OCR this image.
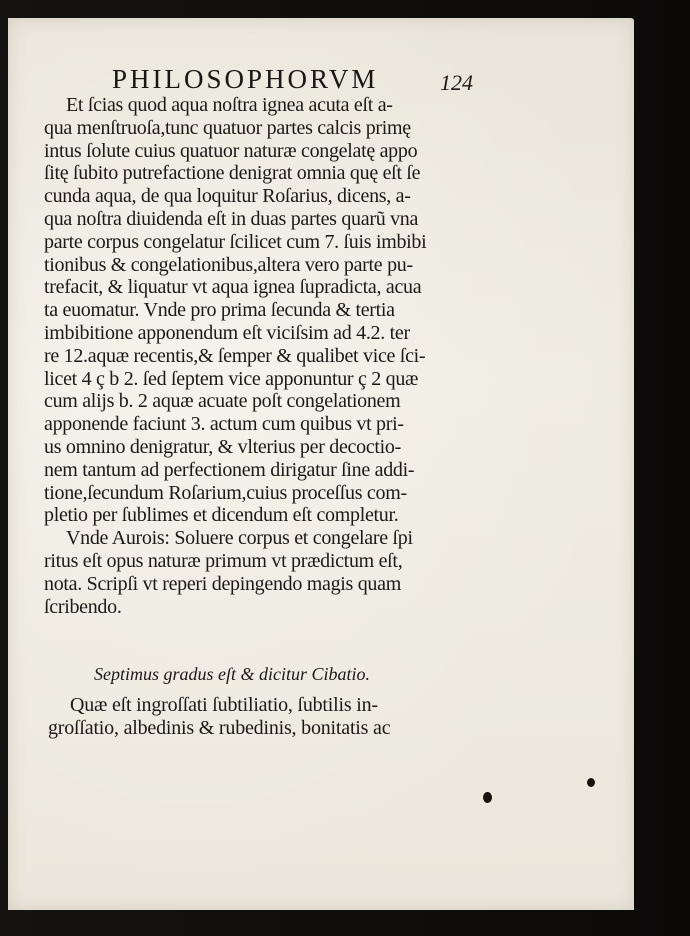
PHILOSOPHORVM	124
Et ſcias quod aqua noſtra ignea acuta eſt a-
qua menſtruoſa,tunc quatuor partes calcis primę
intus ſolute cuius quatuor naturæ congelatę appo
ſitę ſubito putrefactione denigrat omnia quę eſt ſe
cunda aqua, de qua loquitur Roſarius, dicens, a-
qua noſtra diuidenda eſt in duas partes quarũ vna
parte corpus congelatur ſcilicet cum 7. ſuis imbibi
tionibus & congelationibus,altera vero parte pu-
trefacit, & liquatur vt aqua ignea ſupradicta, acua
ta euomatur. Vnde pro prima ſecunda & tertia
imbibitione apponendum eſt viciſsim ad 4.2. ter
re 12.aquæ recentis,& ſemper & qualibet vice ſci-
licet 4 ç b 2. ſed ſeptem vice apponuntur ç 2 quæ
cum alijs b. 2 aquæ acuate poſt congelationem
apponende faciunt 3. actum cum quibus vt pri-
us omnino denigratur, & vlterius per decoctio-
nem tantum ad perfectionem dirigatur ſine addi-
tione,ſecundum Roſarium,cuius proceſſus com-
pletio per ſublimes et dicendum eſt completur.
Vnde Aurois: Soluere corpus et congelare ſpi
ritus eſt opus naturæ primum vt prædictum eſt,
nota. Scripſi vt reperi depingendo magis quam
ſcribendo.
Septimus gradus eſt & dicitur Cibatio.
Quæ eſt ingroſſati ſubtiliatio, ſubtilis in-
groſſatio, albedinis & rubedinis, bonitatis ac
